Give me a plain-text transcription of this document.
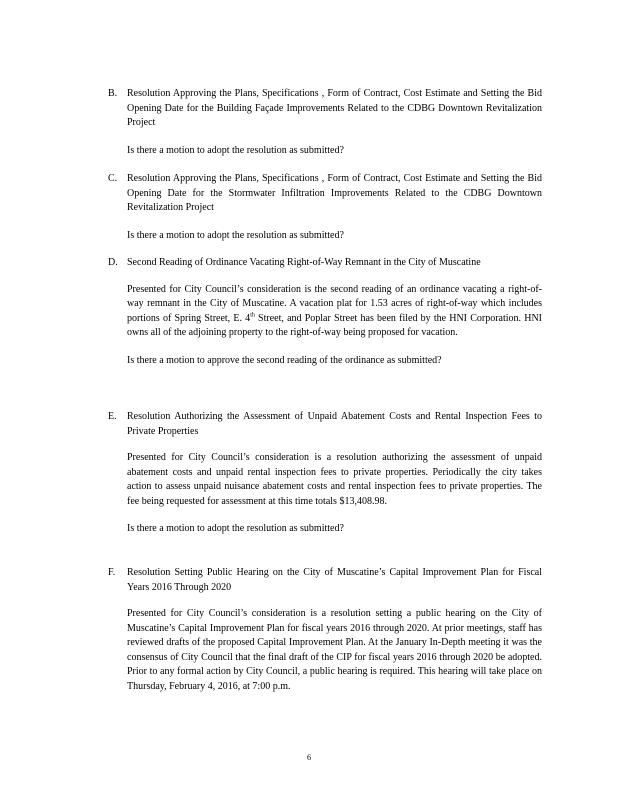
B. Resolution Approving the Plans, Specifications , Form of Contract, Cost Estimate and Setting the Bid Opening Date for the Building Façade Improvements Related to the CDBG Downtown Revitalization Project
Is there a motion to adopt the resolution as submitted?
C. Resolution Approving the Plans, Specifications , Form of Contract, Cost Estimate and Setting the Bid Opening Date for the Stormwater Infiltration Improvements Related to the CDBG Downtown Revitalization Project
Is there a motion to adopt the resolution as submitted?
D. Second Reading of Ordinance Vacating Right-of-Way Remnant in the City of Muscatine
Presented for City Council’s consideration is the second reading of an ordinance vacating a right-of-way remnant in the City of Muscatine. A vacation plat for 1.53 acres of right-of-way which includes portions of Spring Street, E. 4th Street, and Poplar Street has been filed by the HNI Corporation. HNI owns all of the adjoining property to the right-of-way being proposed for vacation.
Is there a motion to approve the second reading of the ordinance as submitted?
E. Resolution Authorizing the Assessment of Unpaid Abatement Costs and Rental Inspection Fees to Private Properties
Presented for City Council’s consideration is a resolution authorizing the assessment of unpaid abatement costs and unpaid rental inspection fees to private properties. Periodically the city takes action to assess unpaid nuisance abatement costs and rental inspection fees to private properties. The fee being requested for assessment at this time totals $13,408.98.
Is there a motion to adopt the resolution as submitted?
F. Resolution Setting Public Hearing on the City of Muscatine’s Capital Improvement Plan for Fiscal Years 2016 Through 2020
Presented for City Council’s consideration is a resolution setting a public hearing on the City of Muscatine’s Capital Improvement Plan for fiscal years 2016 through 2020. At prior meetings, staff has reviewed drafts of the proposed Capital Improvement Plan. At the January In-Depth meeting it was the consensus of City Council that the final draft of the CIP for fiscal years 2016 through 2020 be adopted. Prior to any formal action by City Council, a public hearing is required. This hearing will take place on Thursday, February 4, 2016, at 7:00 p.m.
6
